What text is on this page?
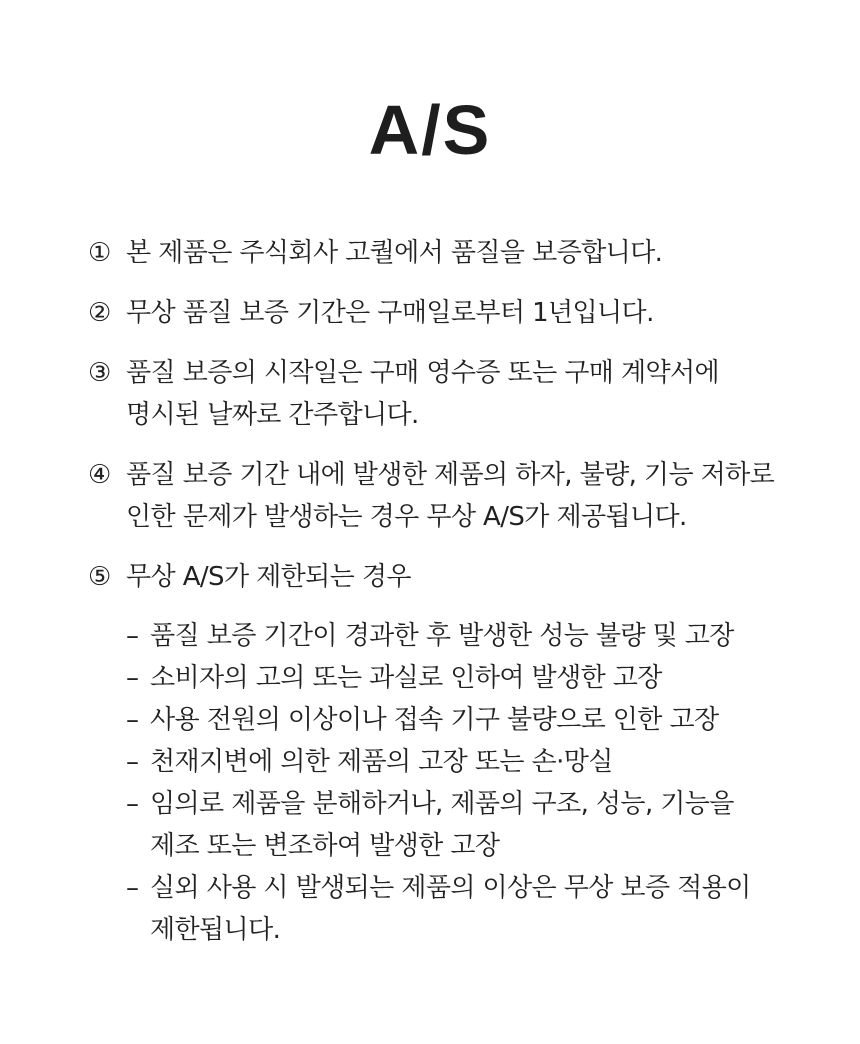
A/S
① 본 제품은 주식회사 고퀄에서 품질을 보증합니다.
② 무상 품질 보증 기간은 구매일로부터 1년입니다.
③ 품질 보증의 시작일은 구매 영수증 또는 구매 계약서에
명시된 날짜로 간주합니다.
④ 품질 보증 기간 내에 발생한 제품의 하자, 불량, 기능 저하로
인한 문제가 발생하는 경우 무상 A/S가 제공됩니다.
⑤ 무상 A/S가 제한되는 경우
– 품질 보증 기간이 경과한 후 발생한 성능 불량 및 고장
– 소비자의 고의 또는 과실로 인하여 발생한 고장
– 사용 전원의 이상이나 접속 기구 불량으로 인한 고장
– 천재지변에 의한 제품의 고장 또는 손·망실
– 임의로 제품을 분해하거나, 제품의 구조, 성능, 기능을
제조 또는 변조하여 발생한 고장
– 실외 사용 시 발생되는 제품의 이상은 무상 보증 적용이
제한됩니다.
